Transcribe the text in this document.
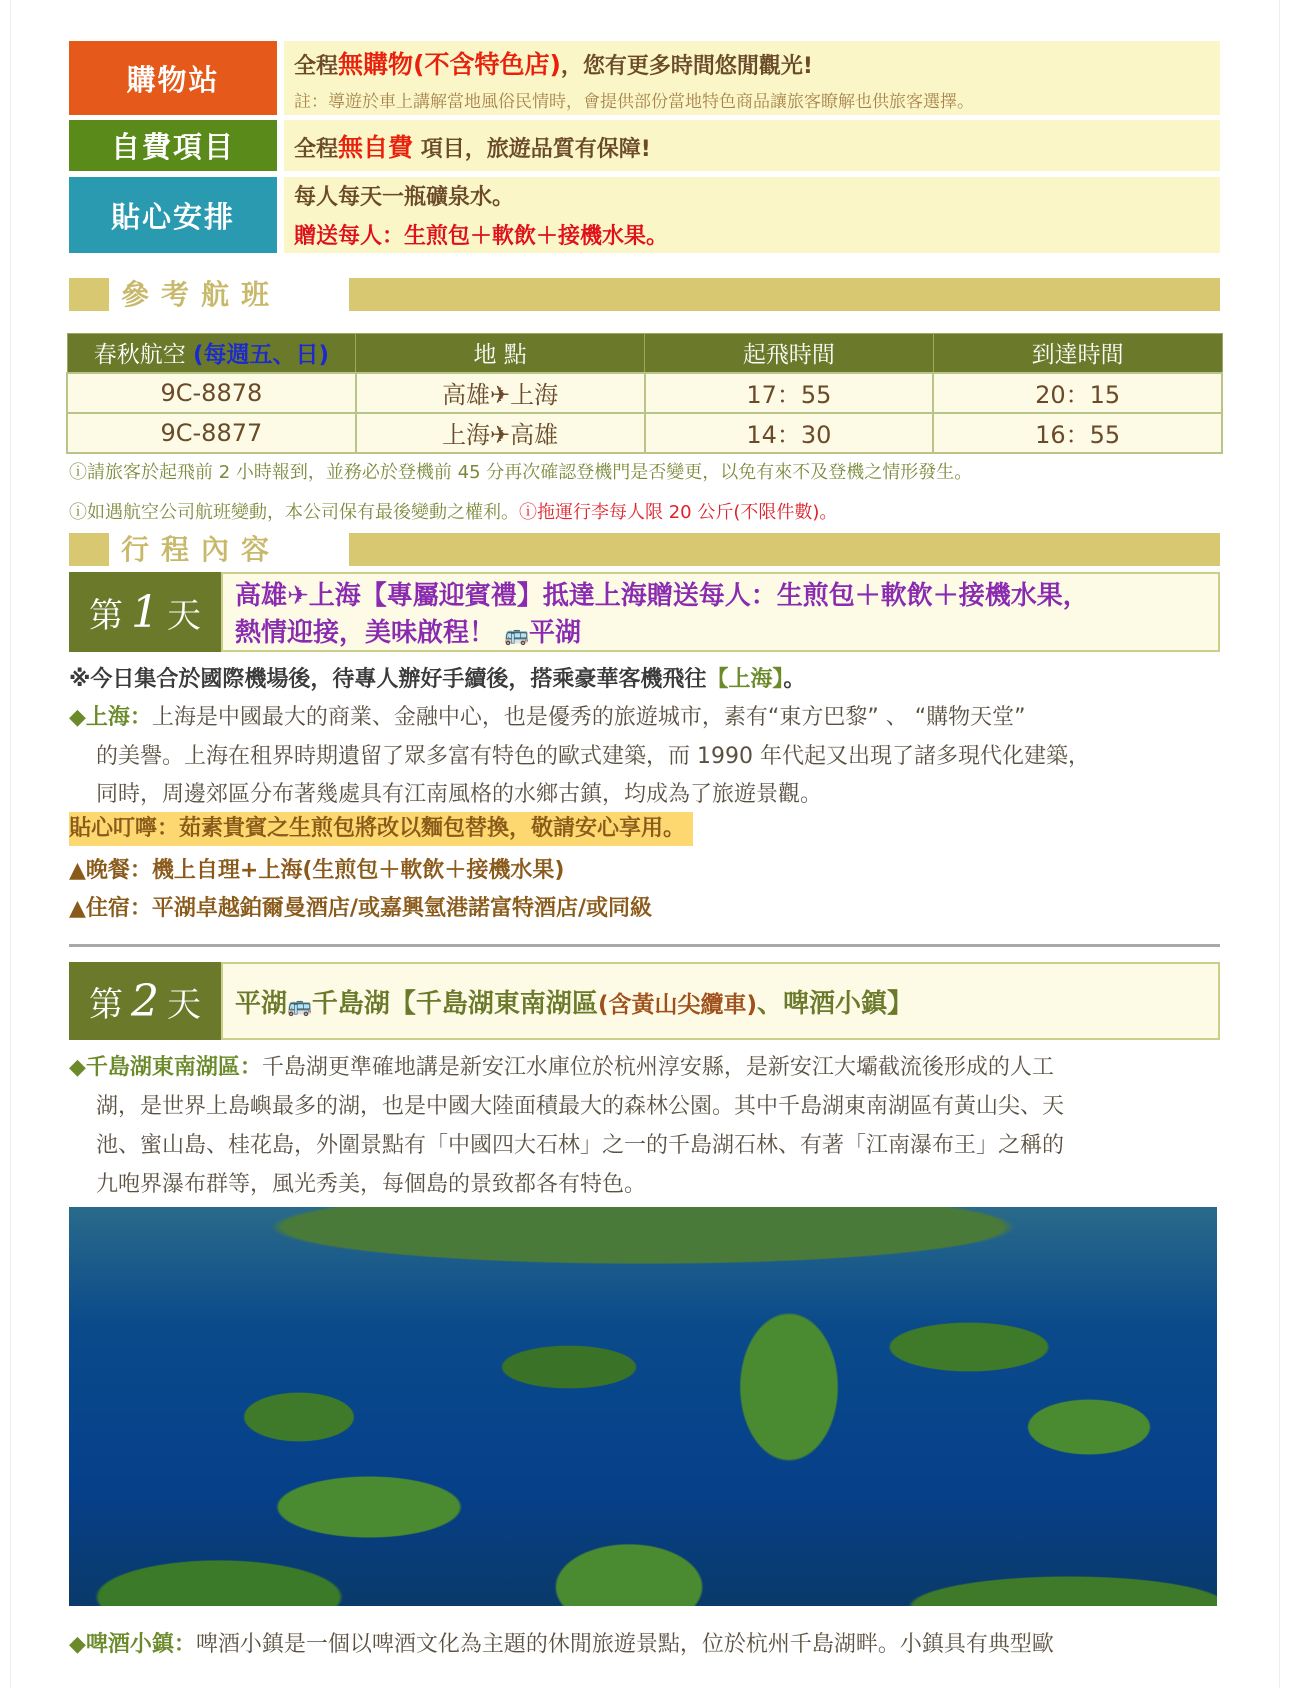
購物站	全程無購物(不含特色店)，您有更多時間悠閒觀光!
註：導遊於車上講解當地風俗民情時，會提供部份當地特色商品讓旅客瞭解也供旅客選擇。
自費項目	全程無自費 項目，旅遊品質有保障!
貼心安排
每人每天一瓶礦泉水。
贈送每人：生煎包＋軟飲＋接機水果。
參考航班
春秋航空 (每週五、日)	地 點	起飛時間	到達時間
9C-8878	高雄✈上海	17：55	20：15
9C-8877	上海✈高雄	14：30	16：55
ⓘ請旅客於起飛前 2 小時報到，並務必於登機前 45 分再次確認登機門是否變更，以免有來不及登機之情形發生。
ⓘ如遇航空公司航班變動，本公司保有最後變動之權利。ⓘ拖運行李每人限 20 公斤(不限件數)。
行程內容
第 1 天 高雄✈上海【專屬迎賓禮】抵達上海贈送每人：生煎包＋軟飲＋接機水果，
熱情迎接，美味啟程！ 🚌平湖
※今日集合於國際機場後，待專人辦好手續後，搭乘豪華客機飛往【上海】。
◆上海：上海是中國最大的商業、金融中心，也是優秀的旅遊城市，素有“東方巴黎” 、 “購物天堂”
的美譽。上海在租界時期遺留了眾多富有特色的歐式建築，而 1990 年代起又出現了諸多現代化建築，
同時，周邊郊區分布著幾處具有江南風格的水鄉古鎮，均成為了旅遊景觀。
貼心叮嚀：茹素貴賓之生煎包將改以麵包替換，敬請安心享用。
▲晚餐：機上自理+上海(生煎包＋軟飲＋接機水果)
▲住宿：平湖卓越鉑爾曼酒店/或嘉興氫港諾富特酒店/或同級
第 2 天 平湖🚌千島湖【千島湖東南湖區(含黃山尖纜車)、啤酒小鎮】
◆千島湖東南湖區：千島湖更準確地講是新安江水庫位於杭州淳安縣，是新安江大壩截流後形成的人工
湖，是世界上島嶼最多的湖，也是中國大陸面積最大的森林公園。其中千島湖東南湖區有黃山尖、天
池、蜜山島、桂花島，外圍景點有「中國四大石林」之一的千島湖石林、有著「江南瀑布王」之稱的
九咆界瀑布群等，風光秀美，每個島的景致都各有特色。
◆啤酒小鎮：啤酒小鎮是一個以啤酒文化為主題的休閒旅遊景點，位於杭州千島湖畔。小鎮具有典型歐
